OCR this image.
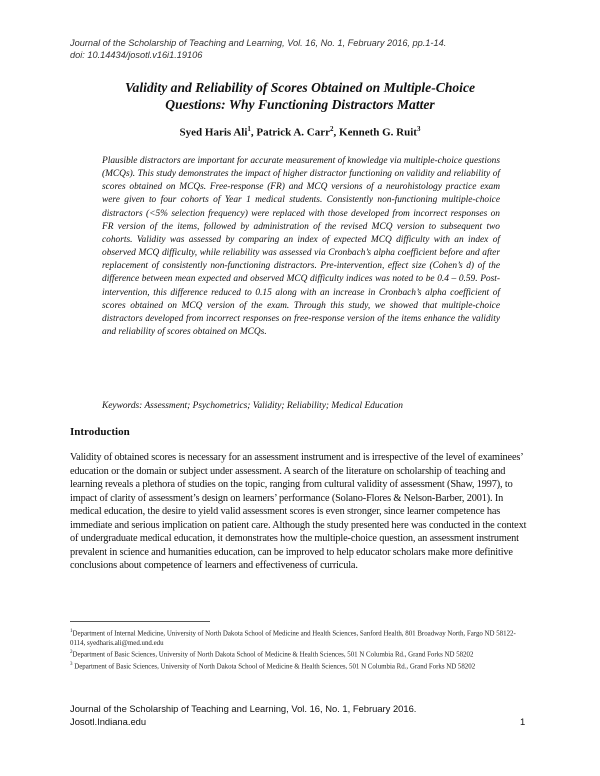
Journal of the Scholarship of Teaching and Learning, Vol. 16, No. 1, February 2016, pp.1-14.
doi: 10.14434/josotl.v16i1.19106
Validity and Reliability of Scores Obtained on Multiple-Choice
Questions: Why Functioning Distractors Matter
Syed Haris Ali$^1$, Patrick A. Carr$^2$, Kenneth G. Ruit$^3$

Plausible distractors are important for accurate measurement of knowledge via multiple-choice questions (MCQs). This study demonstrates the impact of higher distractor functioning on validity and reliability of scores obtained on MCQs. Free-response (FR) and MCQ versions of a neurohistology practice exam were given to four cohorts of Year 1 medical students. Consistently non-functioning multiple-choice distractors (<5% selection frequency) were replaced with those developed from incorrect responses on FR version of the items, followed by administration of the revised MCQ version to subsequent two cohorts. Validity was assessed by comparing an index of expected MCQ difficulty with an index of observed MCQ difficulty, while reliability was assessed via Cronbach’s alpha coefficient before and after replacement of consistently non-functioning distractors. Pre-intervention, effect size (Cohen’s d) of the difference between mean expected and observed MCQ difficulty indices was noted to be 0.4 – 0.59. Post-intervention, this difference reduced to 0.15 along with an increase in Cronbach’s alpha coefficient of scores obtained on MCQ version of the exam. Through this study, we showed that multiple-choice distractors developed from incorrect responses on free-response version of the items enhance the validity and reliability of scores obtained on MCQs.

Keywords: Assessment; Psychometrics; Validity; Reliability; Medical Education

Introduction

Validity of obtained scores is necessary for an assessment instrument and is irrespective of the level of examinees’ education or the domain or subject under assessment. A search of the literature on scholarship of teaching and learning reveals a plethora of studies on the topic, ranging from cultural validity of assessment (Shaw, 1997), to impact of clarity of assessment’s design on learners’ performance (Solano-Flores & Nelson-Barber, 2001). In medical education, the desire to yield valid assessment scores is even stronger, since learner competence has immediate and serious implication on patient care. Although the study presented here was conducted in the context of undergraduate medical education, it demonstrates how the multiple-choice question, an assessment instrument prevalent in science and humanities education, can be improved to help educator scholars make more definitive conclusions about competence of learners and effectiveness of curricula.

$^1$Department of Internal Medicine, University of North Dakota School of Medicine and Health Sciences, Sanford Health, 801 Broadway North, Fargo ND 58122-0114, syedharis.ali@med.und.edu
$^2$Department of Basic Sciences, University of North Dakota School of Medicine & Health Sciences, 501 N Columbia Rd., Grand Forks ND 58202
$^3$ Department of Basic Sciences, University of North Dakota School of Medicine & Health Sciences, 501 N Columbia Rd., Grand Forks ND 58202
Journal of the Scholarship of Teaching and Learning, Vol. 16, No. 1, February 2016.
Josotl.Indiana.edu	1
